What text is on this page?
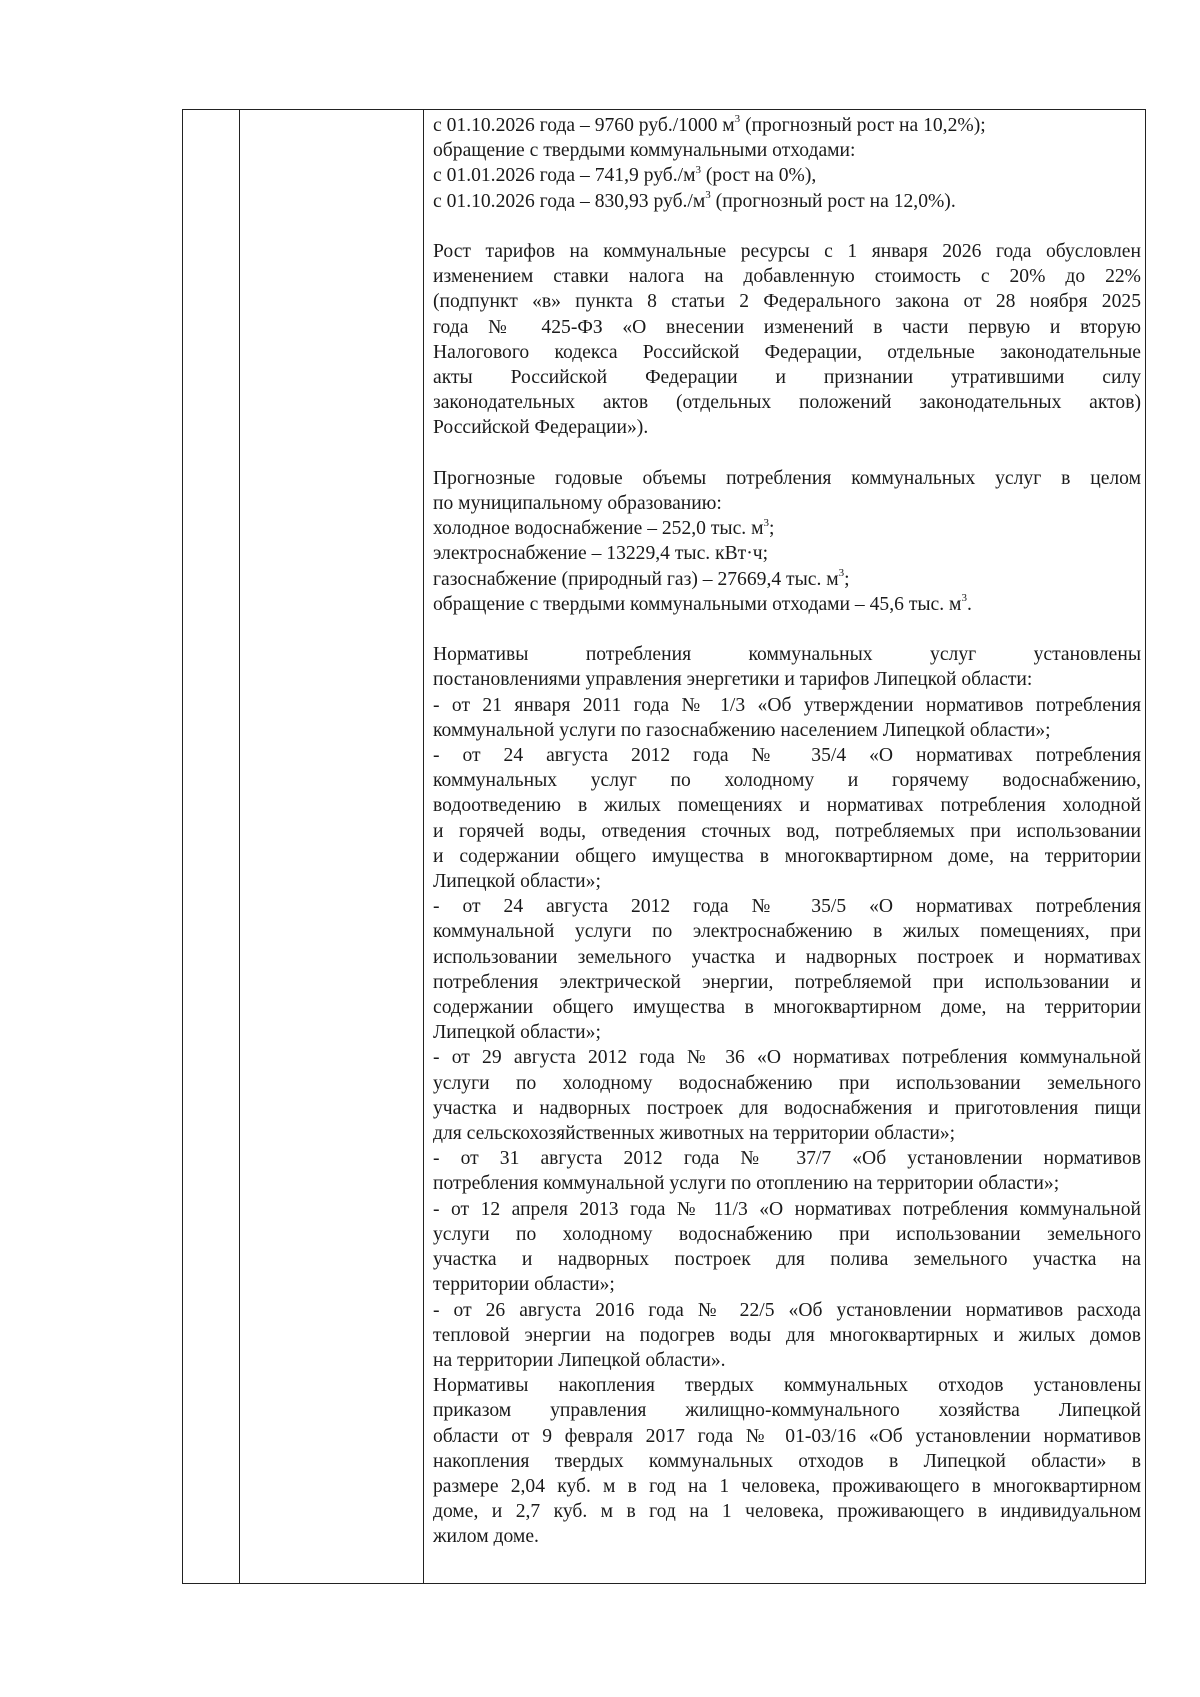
с 01.10.2026 года – 9760 руб./1000 $м^3$ (прогнозный рост на 10,2%);
обращение с твердыми коммунальными отходами:
с 01.01.2026 года – 741,9 $руб./м^3$ (рост на 0%),
с 01.10.2026 года – 830,93 $руб./м^3$ (прогнозный рост на 12,0%).
Рост тарифов на коммунальные ресурсы с 1 января 2026 года обусловлен
изменением ставки налога на добавленную стоимость с 20% до 22%
(подпункт «в» пункта 8 статьи 2 Федерального закона от 28 ноября 2025
года № 425-ФЗ «О внесении изменений в части первую и вторую
Налогового кодекса Российской Федерации, отдельные законодательные
акты Российской Федерации и признании утратившими силу
законодательных актов (отдельных положений законодательных актов)
Российской Федерации»).
Прогнозные годовые объемы потребления коммунальных услуг в целом
по муниципальному образованию:
холодное водоснабжение – 252,0 тыс. $м^3$;
электроснабжение – 13229,4 тыс. кВт·ч;
газоснабжение (природный газ) – 27669,4 тыс. $м^3$;
обращение с твердыми коммунальными отходами – 45,6 тыс. $м^3$.
Нормативы потребления коммунальных услуг установлены
постановлениями управления энергетики и тарифов Липецкой области:
- от 21 января 2011 года № 1/3 «Об утверждении нормативов потребления
коммунальной услуги по газоснабжению населением Липецкой области»;
- от 24 августа 2012 года № 35/4 «О нормативах потребления
коммунальных услуг по холодному и горячему водоснабжению,
водоотведению в жилых помещениях и нормативах потребления холодной
и горячей воды, отведения сточных вод, потребляемых при использовании
и содержании общего имущества в многоквартирном доме, на территории
Липецкой области»;
- от 24 августа 2012 года № 35/5 «О нормативах потребления
коммунальной услуги по электроснабжению в жилых помещениях, при
использовании земельного участка и надворных построек и нормативах
потребления электрической энергии, потребляемой при использовании и
содержании общего имущества в многоквартирном доме, на территории
Липецкой области»;
- от 29 августа 2012 года № 36 «О нормативах потребления коммунальной
услуги по холодному водоснабжению при использовании земельного
участка и надворных построек для водоснабжения и приготовления пищи
для сельскохозяйственных животных на территории области»;
- от 31 августа 2012 года № 37/7 «Об установлении нормативов
потребления коммунальной услуги по отоплению на территории области»;
- от 12 апреля 2013 года № 11/3 «О нормативах потребления коммунальной
услуги по холодному водоснабжению при использовании земельного
участка и надворных построек для полива земельного участка на
территории области»;
- от 26 августа 2016 года № 22/5 «Об установлении нормативов расхода
тепловой энергии на подогрев воды для многоквартирных и жилых домов
на территории Липецкой области».
Нормативы накопления твердых коммунальных отходов установлены
приказом управления жилищно-коммунального хозяйства Липецкой
области от 9 февраля 2017 года № 01-03/16 «Об установлении нормативов
накопления твердых коммунальных отходов в Липецкой области» в
размере 2,04 куб. м в год на 1 человека, проживающего в многоквартирном
доме, и 2,7 куб. м в год на 1 человека, проживающего в индивидуальном
жилом доме.
